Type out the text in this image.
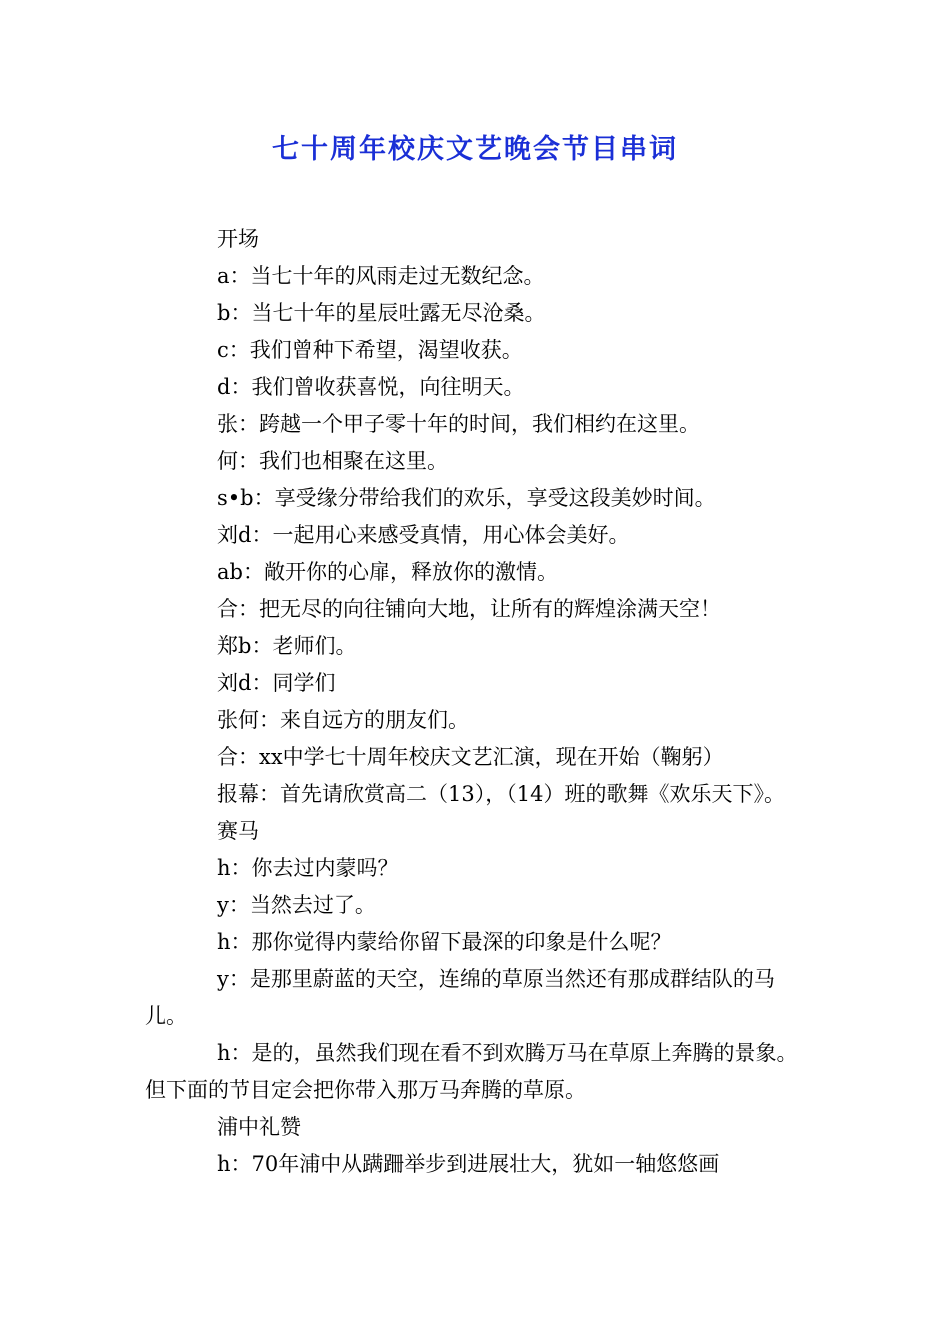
七十周年校庆文艺晚会节目串词

开场

a：当七十年的风雨走过无数纪念。

b：当七十年的星辰吐露无尽沧桑。

c：我们曾种下希望，渴望收获。

d：我们曾收获喜悦，向往明天。

张：跨越一个甲子零十年的时间，我们相约在这里。

何：我们也相聚在这里。

s•b：享受缘分带给我们的欢乐，享受这段美妙时间。

刘d：一起用心来感受真情，用心体会美好。

ab：敞开你的心扉，释放你的激情。

合：把无尽的向往铺向大地，让所有的辉煌涂满天空！

郑b：老师们。

刘d：同学们

张何：来自远方的朋友们。

合：xx中学七十周年校庆文艺汇演，现在开始（鞠躬）

报幕：首先请欣赏高二（13），（14）班的歌舞《欢乐天下》。

赛马

h：你去过内蒙吗？

y：当然去过了。

h：那你觉得内蒙给你留下最深的印象是什么呢？

y：是那里蔚蓝的天空，连绵的草原当然还有那成群结队的马儿。

h：是的，虽然我们现在看不到欢腾万马在草原上奔腾的景象。但下面的节目定会把你带入那万马奔腾的草原。

浦中礼赞

h：70年浦中从蹒跚举步到进展壮大，犹如一轴悠悠画
